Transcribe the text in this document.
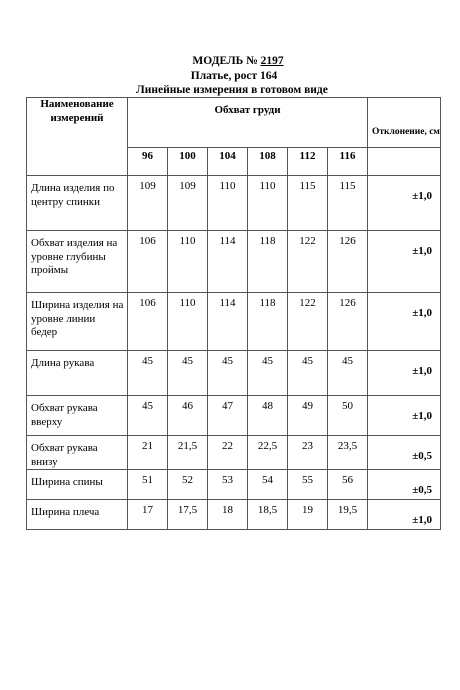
МОДЕЛЬ № 2197
Платье, рост 164
Линейные измерения в готовом виде
Наименование измерений	Обхват груди						Отклонение, см
	96	100	104	108	112	116	
Длина изделия по центру спинки	109	109	110	110	115	115	±1,0
Обхват изделия на уровне глубины проймы	106	110	114	118	122	126	±1,0
Ширина изделия на уровне линии бедер	106	110	114	118	122	126	±1,0
Длина рукава	45	45	45	45	45	45	±1,0
Обхват рукава вверху	45	46	47	48	49	50	±1,0
Обхват рукава внизу	21	21,5	22	22,5	23	23,5	±0,5
Ширина спины	51	52	53	54	55	56	±0,5
Ширина плеча	17	17,5	18	18,5	19	19,5	±1,0
